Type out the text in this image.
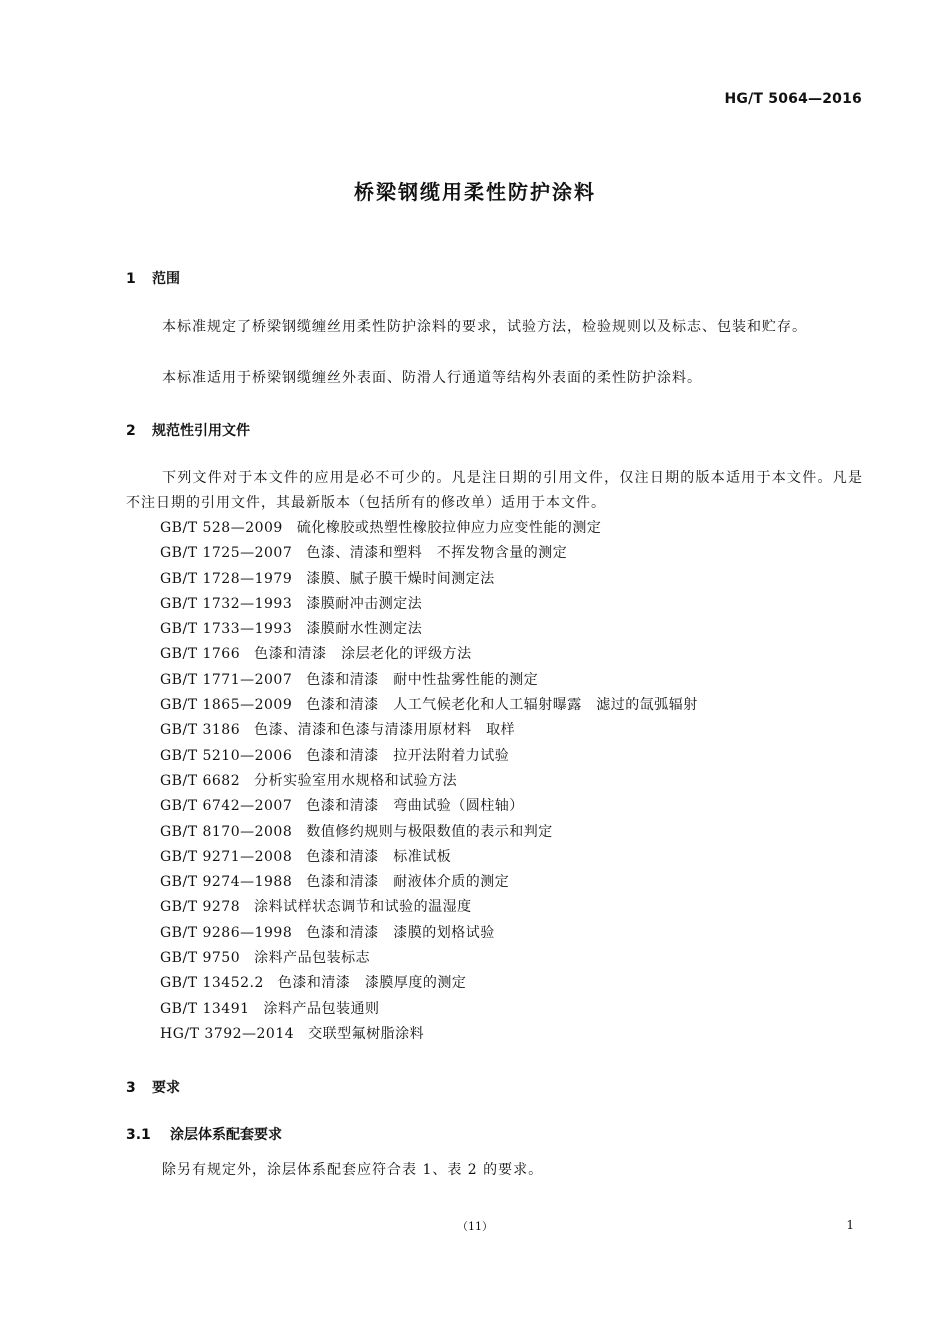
HG/T 5064—2016
桥梁钢缆用柔性防护涂料
1 范围
本标准规定了桥梁钢缆缠丝用柔性防护涂料的要求，试验方法，检验规则以及标志、包装和贮存。
本标准适用于桥梁钢缆缠丝外表面、防滑人行通道等结构外表面的柔性防护涂料。
2 规范性引用文件
下列文件对于本文件的应用是必不可少的。凡是注日期的引用文件，仅注日期的版本适用于本文件。凡是不注日期的引用文件，其最新版本（包括所有的修改单）适用于本文件。
GB/T 528—2009 硫化橡胶或热塑性橡胶拉伸应力应变性能的测定
GB/T 1725—2007 色漆、清漆和塑料　不挥发物含量的测定
GB/T 1728—1979 漆膜、腻子膜干燥时间测定法
GB/T 1732—1993 漆膜耐冲击测定法
GB/T 1733—1993 漆膜耐水性测定法
GB/T 1766 色漆和清漆　涂层老化的评级方法
GB/T 1771—2007 色漆和清漆　耐中性盐雾性能的测定
GB/T 1865—2009 色漆和清漆　人工气候老化和人工辐射曝露　滤过的氙弧辐射
GB/T 3186 色漆、清漆和色漆与清漆用原材料　取样
GB/T 5210—2006 色漆和清漆　拉开法附着力试验
GB/T 6682 分析实验室用水规格和试验方法
GB/T 6742—2007 色漆和清漆　弯曲试验（圆柱轴）
GB/T 8170—2008 数值修约规则与极限数值的表示和判定
GB/T 9271—2008 色漆和清漆　标准试板
GB/T 9274—1988 色漆和清漆　耐液体介质的测定
GB/T 9278 涂料试样状态调节和试验的温湿度
GB/T 9286—1998 色漆和清漆　漆膜的划格试验
GB/T 9750 涂料产品包装标志
GB/T 13452.2 色漆和清漆　漆膜厚度的测定
GB/T 13491 涂料产品包装通则
HG/T 3792—2014 交联型氟树脂涂料
3 要求
3.1 涂层体系配套要求
除另有规定外，涂层体系配套应符合表 1、表 2 的要求。
（11）	1
